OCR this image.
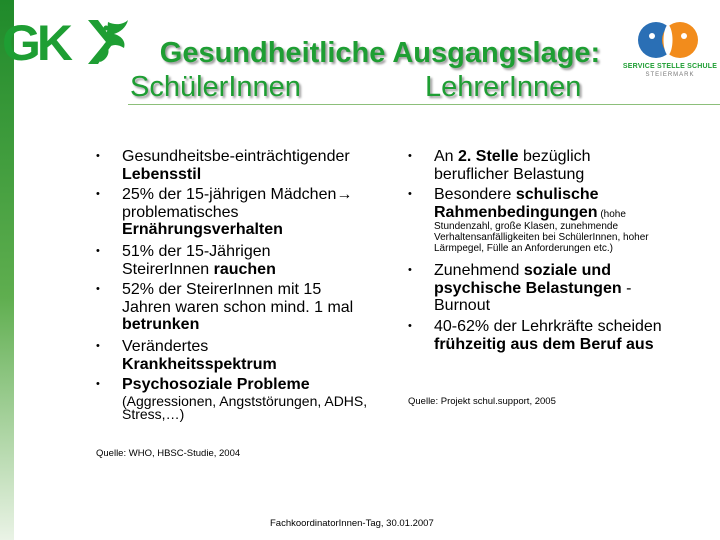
GK	Gesundheitliche Ausgangslage:
SchülerInnen	LehrerInnen
SERVICE STELLE SCHULE
STEIERMARK
• Gesundheitsbe-einträchtigender Lebensstil
• 25% der 15-jährigen Mädchen→ problematisches Ernährungsverhalten
• 51% der 15-Jährigen SteirerInnen rauchen
• 52% der SteirerInnen mit 15 Jahren waren schon mind. 1 mal betrunken
• Verändertes
Krankheitsspektrum
• Psychosoziale Probleme
(Aggressionen, Angststörungen, ADHS, Stress,…)
Quelle: WHO, HBSC-Studie, 2004
• An 2. Stelle bezüglich beruflicher Belastung
• Besondere schulische Rahmenbedingungen (hohe
Stundenzahl, große Klasen, zunehmende Verhaltensanfälligkeiten bei SchülerInnen, hoher Lärmpegel, Fülle an Anforderungen etc.)
• Zunehmend soziale und psychische Belastungen - Burnout
• 40-62% der Lehrkräfte scheiden frühzeitig aus dem Beruf aus
Quelle: Projekt schul.support, 2005
FachkoordinatorInnen-Tag, 30.01.2007
